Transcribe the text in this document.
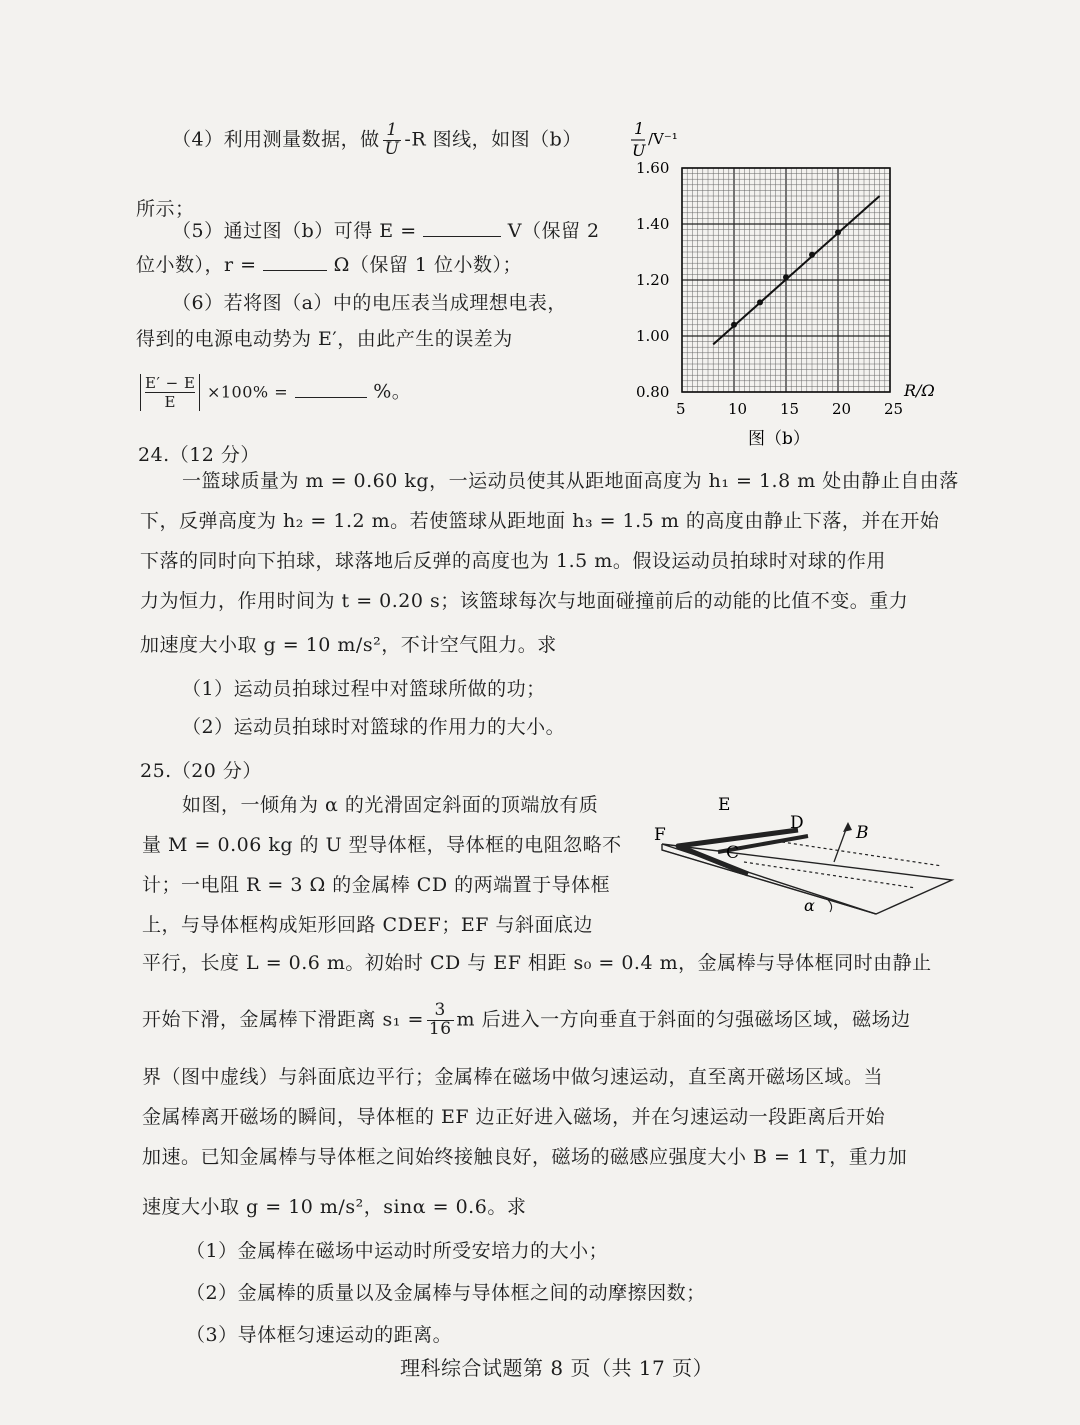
（4）利用测量数据，做 $\frac{1}{U} -R$ 图线，如图（b）
所示；
（5）通过图（b）可得 E =	V（保留 2
位小数），r =	Ω（保留 1 位小数）；
（6）若将图（a）中的电压表当成理想电表，
得到的电源电动势为 E′，由此产生的误差为
$\frac{E' - E}{E} \times 100\%$ =	%。
1.60
1.40
1.20
1.00
0.80
5	10 15 20 25
1
U
/V⁻¹
R/Ω
图（b）
24.（12 分）
一篮球质量为 m = 0.60 kg，一运动员使其从距地面高度为 h₁ = 1.8 m 处由静止自由落
下，反弹高度为 h₂ = 1.2 m。若使篮球从距地面 h₃ = 1.5 m 的高度由静止下落，并在开始
下落的同时向下拍球，球落地后反弹的高度也为 1.5 m。假设运动员拍球时对球的作用
力为恒力，作用时间为 t = 0.20 s；该篮球每次与地面碰撞前后的动能的比值不变。重力
加速度大小取 g = 10 m/s²，不计空气阻力。求
（1）运动员拍球过程中对篮球所做的功；
（2）运动员拍球时对篮球的作用力的大小。
25.（20 分）
如图，一倾角为 α 的光滑固定斜面的顶端放有质
量 M = 0.06 kg 的 U 型导体框，导体框的电阻忽略不
计；一电阻 R = 3 Ω 的金属棒 CD 的两端置于导体框
上，与导体框构成矩形回路 CDEF；EF 与斜面底边
平行，长度 L = 0.6 m。初始时 CD 与 EF 相距 s₀ = 0.4 m，金属棒与导体框同时由静止
开始下滑，金属棒下滑距离 $s_1 = \frac{3}{16}$ m 后进入一方向垂直于斜面的匀强磁场区域，磁场边
界（图中虚线）与斜面底边平行；金属棒在磁场中做匀速运动，直至离开磁场区域。当
金属棒离开磁场的瞬间，导体框的 EF 边正好进入磁场，并在匀速运动一段距离后开始
加速。已知金属棒与导体框之间始终接触良好，磁场的磁感应强度大小 B = 1 T，重力加
速度大小取 g = 10 m/s²，sinα = 0.6。求
（1）金属棒在磁场中运动时所受安培力的大小；
（2）金属棒的质量以及金属棒与导体框之间的动摩擦因数；
（3）导体框匀速运动的距离。
E
D
F
C
B
α
理科综合试题第 8 页（共 17 页）
